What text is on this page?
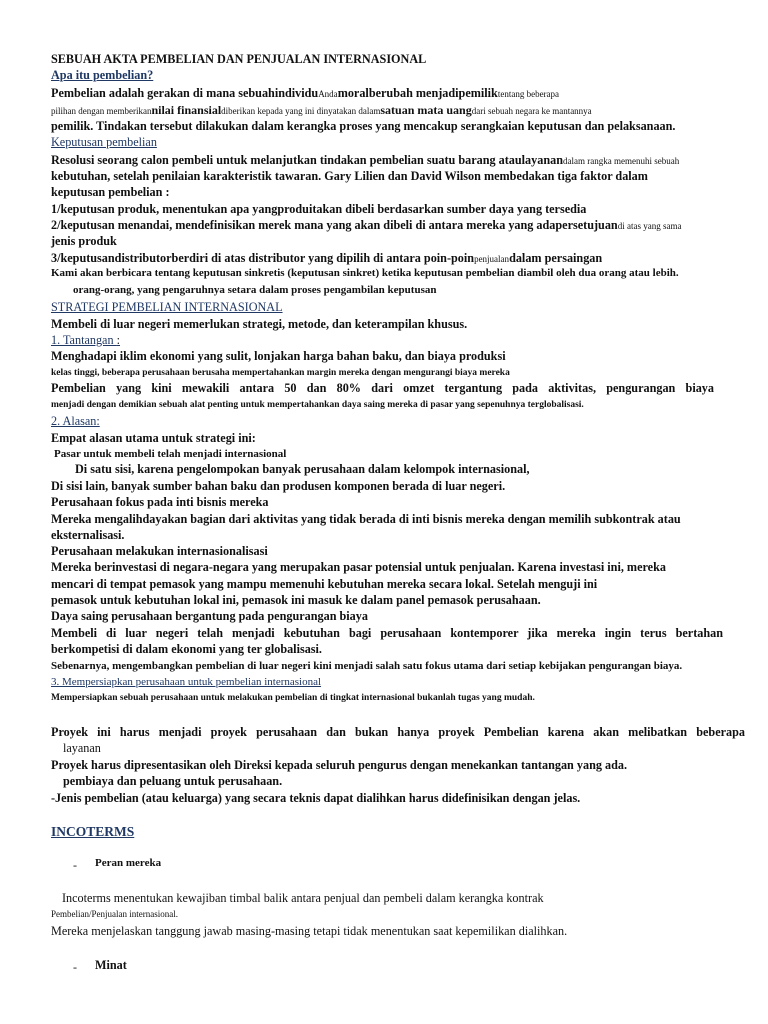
SEBUAH AKTA PEMBELIAN DAN PENJUALAN INTERNASIONAL
Apa itu pembelian?
Pembelian adalah gerakan di mana sebuahindividuAndamoralberubah menjadipemiliktentang beberapa
pilihan dengan memberikannilai finansialdiberikan kepada yang ini dinyatakan dalamsatuan mata uangdari sebuah negara ke mantannya
pemilik. Tindakan tersebut dilakukan dalam kerangka proses yang mencakup serangkaian keputusan dan pelaksanaan.
Keputusan pembelian
Resolusi seorang calon pembeli untuk melanjutkan tindakan pembelian suatu barang ataulayanandalam rangka memenuhi sebuah
kebutuhan, setelah penilaian karakteristik tawaran. Gary Lilien dan David Wilson membedakan tiga faktor dalam
keputusan pembelian :
1/keputusan produk, menentukan apa yangproduitakan dibeli berdasarkan sumber daya yang tersedia
2/keputusan menandai, mendefinisikan merek mana yang akan dibeli di antara mereka yang adapersetujuandi atas yang sama
jenis produk
3/keputusandistributorberdiri di atas distributor yang dipilih di antara poin-poinpenjualandalam persaingan
Kami akan berbicara tentang keputusan sinkretis (keputusan sinkret) ketika keputusan pembelian diambil oleh dua orang atau lebih.
orang-orang, yang pengaruhnya setara dalam proses pengambilan keputusan
STRATEGI PEMBELIAN INTERNASIONAL
Membeli di luar negeri memerlukan strategi, metode, dan keterampilan khusus.
1. Tantangan :
Menghadapi iklim ekonomi yang sulit, lonjakan harga bahan baku, dan biaya produksi
kelas tinggi, beberapa perusahaan berusaha mempertahankan margin mereka dengan mengurangi biaya mereka
Pembelian yang kini mewakili antara 50 dan 80% dari omzet tergantung pada aktivitas, pengurangan biaya
menjadi dengan demikian sebuah alat penting untuk mempertahankan daya saing mereka di pasar yang sepenuhnya terglobalisasi.
2. Alasan:
Empat alasan utama untuk strategi ini:
Pasar untuk membeli telah menjadi internasional
Di satu sisi, karena pengelompokan banyak perusahaan dalam kelompok internasional,
Di sisi lain, banyak sumber bahan baku dan produsen komponen berada di luar negeri.
Perusahaan fokus pada inti bisnis mereka
Mereka mengalihdayakan bagian dari aktivitas yang tidak berada di inti bisnis mereka dengan memilih subkontrak atau
eksternalisasi.
Perusahaan melakukan internasionalisasi
Mereka berinvestasi di negara-negara yang merupakan pasar potensial untuk penjualan. Karena investasi ini, mereka
mencari di tempat pemasok yang mampu memenuhi kebutuhan mereka secara lokal. Setelah menguji ini
pemasok untuk kebutuhan lokal ini, pemasok ini masuk ke dalam panel pemasok perusahaan.
Daya saing perusahaan bergantung pada pengurangan biaya
Membeli di luar negeri telah menjadi kebutuhan bagi perusahaan kontemporer jika mereka ingin terus bertahan
berkompetisi di dalam ekonomi yang ter globalisasi.
Sebenarnya, mengembangkan pembelian di luar negeri kini menjadi salah satu fokus utama dari setiap kebijakan pengurangan biaya.
3. Mempersiapkan perusahaan untuk pembelian internasional
Mempersiapkan sebuah perusahaan untuk melakukan pembelian di tingkat internasional bukanlah tugas yang mudah.
Proyek ini harus menjadi proyek perusahaan dan bukan hanya proyek Pembelian karena akan melibatkan beberapa
layanan
Proyek harus dipresentasikan oleh Direksi kepada seluruh pengurus dengan menekankan tantangan yang ada.
pembiaya dan peluang untuk perusahaan.
-Jenis pembelian (atau keluarga) yang secara teknis dapat dialihkan harus didefinisikan dengan jelas.
INCOTERMS
- Peran mereka
Incoterms menentukan kewajiban timbal balik antara penjual dan pembeli dalam kerangka kontrak
Pembelian/Penjualan internasional.
Mereka menjelaskan tanggung jawab masing-masing tetapi tidak menentukan saat kepemilikan dialihkan.
- Minat
